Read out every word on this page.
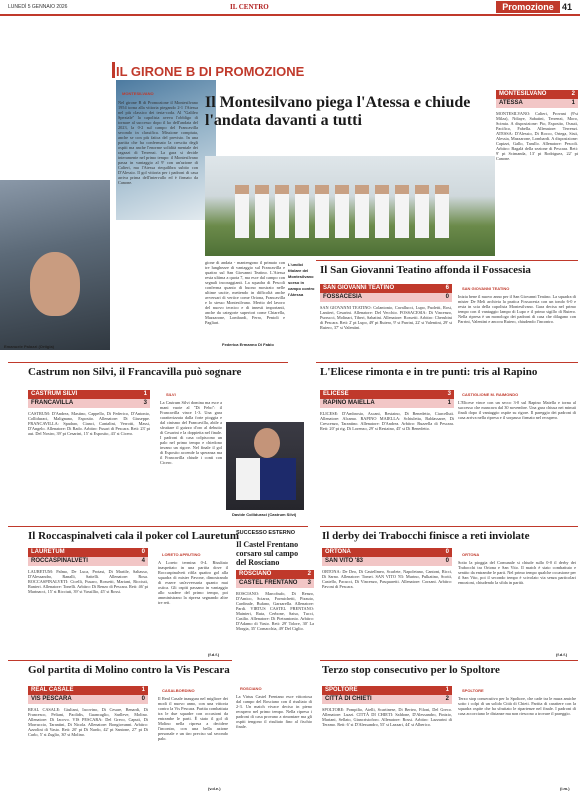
LUNEDÌ 5 GENNAIO 2026	IL CENTRO	Promozione 41
IL GIRONE B DI PROMOZIONE
Emanuele Palazzi (Ortigia)
MONTESILVANO
Nel girone B di Promozione il Montesilvano 1954 torna alla vittoria piegando 2-1 l'Atessa nel più classico dei testa-coda. Al "Galileo Speziale" la capolista aveva l'obbligo di tornare al successo dopo il ko dell'andata del 2023, la 0-2 sul campo del Francavilla secondo in classifica. Missione compiuta, anche se con più fatica del previsto. In una partita che ha confermato la crescita degli ospiti ma anche l'enorme solidità mentale dei ragazzi di Terrenzi. La gara si decide interamente nel primo tempo: il Montesilvano passa in vantaggio al 9' con un'azione di Calieri, ma l'Atessa riequilibra subito con D'Alessio. Il gol vittoria per i padroni di casa arriva prima dell'intervallo ed è firmato da Canone.
Il Montesilvano piega l'Atessa e chiude l'andata davanti a tutti
gione di andata - mantengono il primato con tre lunghezze di vantaggio sul Francavilla e quattro sul San Giovanni Teatino. L'Atessa resta ultima a quota 7, ma esce dal campo con segnali incoraggianti. La squadra di Pescoli conferma quanto di buono mostrato nelle ultime uscite, mettendo in difficoltà anche avversari di vertice come Ortona, Francavilla e lo stesso Montesilvano. Merito del lavoro del nuovo tecnico e di innesti importanti, anche da categorie superiori come Chiarella, Mazzarone, Lombardi, Ferro, Pentoli e Pagliari.
Federica Ermanno Di Fabio
L'undici titolare del Montesilvano sceso in campo contro l'Atessa
MONTESILVANO	2
ATESSA	1
MONTESILVANO: Calieri, Provani (9'st Milza), Ndiaye, Sabatini, Terrenzi, Moro, Scimia. A disposizione: Pio, Esposito, Ossuti, Pacifico, Fabella. Allenatore: Terrenzi. ATESSA: D'Alessio, Di Rocco, Ortega, Sisti, Alessia, Mazzarone, Lombardi. A disposizione: Capizzi, Gallo, Tarullo. Allenatore: Pescoli. Arbitro: Bagalà della sezione di Pescara. Reti: 9' pt Scimanda, 13' pt Rodriguez, 22' pt Canone.
Il San Giovanni Teatino affonda il Fossacesia
SAN GIOVANNI TEATINO	6
FOSSACESIA	0
SAN GIOVANNI TEATINO: Colantonio, Cavallucci, Lupo, Paoletti, Rosi, Lantieri, Cesarini. Allenatore: Del Vecchio. FOSSACESIA: Di Vincenzo, Purrucci, Molinari, Tiberi, Sabatini. Allenatore: Rossetti. Arbitro: Cherubini di Pescara. Reti: 2' pt Lupo, 49' pt Ruiero, 9' st Parrini, 22' st Valentini, 29' st Ruiero, 37' st Valentini.
SAN GIOVANNI TEATINO
Inizia bene il nuovo anno per il San Giovanni Teatino. La squadra di mister De Meli archivia la pratica Fossacesia con un tondo 6-0 e resta in scia della capolista Montesilvano. Gara decisa nel primo tempo con il vantaggio lampo di Lupo e il primo sigillo di Ruiero. Nella ripresa è un monologo dei padroni di casa che dilagano con Parrini, Valentini e ancora Ruiero, chiudendo l'incontro.
Castrum non Silvi, il Francavilla può sognare
CASTRUM SILVI	1
FRANCAVILLA	3
CASTRUM: D'Andrea, Mastino, Cappello, Di Federico, D'Antonio, Colliduraci, Malignano, Esposito. Allenatore: Di Giuseppe. FRANCAVILLA: Spadaro, Cianci, Cantalini, Verrotti, Massi, D'Angelo. Allenatore: Di Rado. Arbitro: Fusari di Pescara. Reti: 23' pt aut. Del Nostro, 39' pt Cesarini, 15' st Esposito, 43' st Cicero.
SILVI
La Castrum Silvi domina ma esce a mani vuote al "Di Febo": il Francavilla vince 1-3. Una gara caratterizzata dalla forte pioggia e dal cinismo del Francavilla, abile a sfruttare il guizzo d'oro al debutto di Cesarini e la doppietta nel finale. I padroni di casa colpiscono un palo nel primo tempo e chiedono invano un rigore. Nel finale il gol di Esposito accende la speranza ma il Francavilla chiude i conti con Cicero.
Davide Colliduraci (Castrum Silvi)
L'Elicese rimonta e in tre punti: tris al Rapino
ELICESE	3
RAPINO MAIELLA	1
ELICESE: D'Ambrosio, Ascani, Restaino, Di Benedetto, Ciarcelluti. Allenatore: Alcamo. RAPINO MAIELLA: Schiuletta, Baldassarre, Di Crescenzo, Tarantino. Allenatore: D'Andrea. Arbitro: Buzzella di Pescara. Reti: 20' pt rig. Di Lorenzo, 29' st Restaino, 45' st Di Benedetto.
CASTIGLIONE M. RAIMONDO
L'Elicese vince con un secco 3-0 sul Rapino Maiella e torna al successo che mancava dal 30 novembre. Una gara chiusa nei minuti finali dopo il vantaggio ospite su rigore. Il pareggio dei padroni di casa arriva nella ripresa e il sorpasso firmato nel recupero.
Il Roccaspinalveti cala il poker col Lauretum
LAURETUM	0
ROCCASPINALVETI	4
LAURETUM: Palmo, De Luca, Protasi, Di Martile, Saltasso, D'Alessandro, Ranalli, Sattelli. Allenatore: Rosa. ROCCASPINALVETI: Cicelli, Fusaro, Rossetti, Mariani, Ricciuti, Ranieri. Allenatore: Tonelli. Arbitro: Di Renzo di Pescara. Reti: 46' pt Marinacci, 15' st Ricciuti, 39' st Vassillio, 45' st Rossi.
LORETO APRUTINO
A Loreto termina 0-4. Risultato inaspettato in una partita dove il Roccaspinalveti rifila quattro gol alla squadra di mister Pavone, dimostrando di essere un'avversaria quanto mai ostica. Gli ospiti passano in vantaggio allo scadere del primo tempo, poi amministrano la ripresa segnando altre tre reti.
(f.d.f.)
SUCCESSO ESTERNO
Il Castel Frentano corsaro sul campo del Rosciano
ROSCIANO	2
CASTEL FRENTANO 3
ROSCIANO: Marcobufo, Di Renzo, D'Amico, Sciarra, Formichetti, Pizzuto, Cardinale, Bufano, Garzarella. Allenatore: Pardi. VIRTUS CASTEL FRENTANO: Mainieri, Ruta, Cerbone, Saiso, Tucci, Casilio. Allenatore: Di Pietrantonio. Arbitro: D'Adamo di Vasto. Reti: 29' Tolore, 30' La Morgia, 35' Cornacchia, 49' Del Ciglio.
ROSCIANO
La Virtus Castel Frentano esce vittoriosa dal campo del Rosciano con il risultato di 2-3. Un match vivace deciso in pieno recupero nel primo tempo. Nella ripresa i padroni di casa provano a rimontare ma gli ospiti tengono il risultato fino al fischio finale.
Il derby dei Trabocchi finisce a reti inviolate
ORTONA	0
SAN VITO '83	0
ORTONA: De Deo, Di Castellmeo, Scarlete, Napoletano, Cantoni, Ricci, Di Sarno. Allenatore: Tomei. SAN VITO '83: Murino, Pulkatino, Scotti, Castello, Pacucci, Di Vincenzo, Pasquaretti. Allenatore: Corzani. Arbitro: Pavoni di Pescara.
ORTONA
Sotto la pioggia del Comunale si chiude sullo 0-0 il derby dei Trabocchi tra Ortona e San Vito. Il match è stato combattuto e sentito da entrambe le parti. Nel primo tempo qualche occasione per il San Vito, poi il secondo tempo è scivolato via senza particolari emozioni, chiudendo la sfida in parità.
(f.d.f.)
Gol partita di Molino contro la Vis Pescara
REAL CASALE	1
VIS PESCARA	0
REAL CASALE: Giuliani, Iacovino, Di Cesare, Benardi, Di Francesco, Peliani, Paolidis, Guancaglio, Sarlleve, Molino. Allenatore: Di Iacovo. VIS PESCARA: Del Greco, Caputi, Di Morruccio, Tarantini, Di Nicola. Allenatore: Bongiovanni. Arbitro: Azzolini di Vasto. Reti: 20' pt Di Nardo, 42' pt Santone, 27' pt Di Carlo, 5' st Zuglio, 30' st Molino.
CASALBORDINO
Il Real Casale inaugura nel migliore dei modi il nuovo anno, con una vittoria contro la Vis Pescara. Partita combattuta tra le due squadre con occasioni da entrambe le parti. È stato il gol di Molino nella ripresa a decidere l'incontro, con una bella azione personale e un tiro preciso sul secondo palo.
(v.d.e.)
Terzo stop consecutivo per lo Spoltore
SPOLTORE	1
CITTÀ DI CHIETI	2
SPOLTORE: Pompilio, Aielli, Scartinese, Di Berteo, Filoni, Del Greco. Allenatore: Luzzi. CITTÀ DI CHIETI: Saldone, D'Alessandro, Finizio, Mariani, Sellato, Giancristoforo. Allenatore: Rossi. Arbitro: Lazzarini di Teramo. Reti: 6' st D'Alessandro, 55' st Lazzari, 44' st Alberico.
SPOLTORE
Terzo stop consecutivo per lo Spoltore, che cade tra le mura amiche sotto i colpi di un solido Città di Chieti. Partita di carattere con la squadra ospite che ha sfruttato le ripartenze nel finale. I padroni di casa accorciano le distanze ma non riescono a trovare il pareggio.
(i.m.)
